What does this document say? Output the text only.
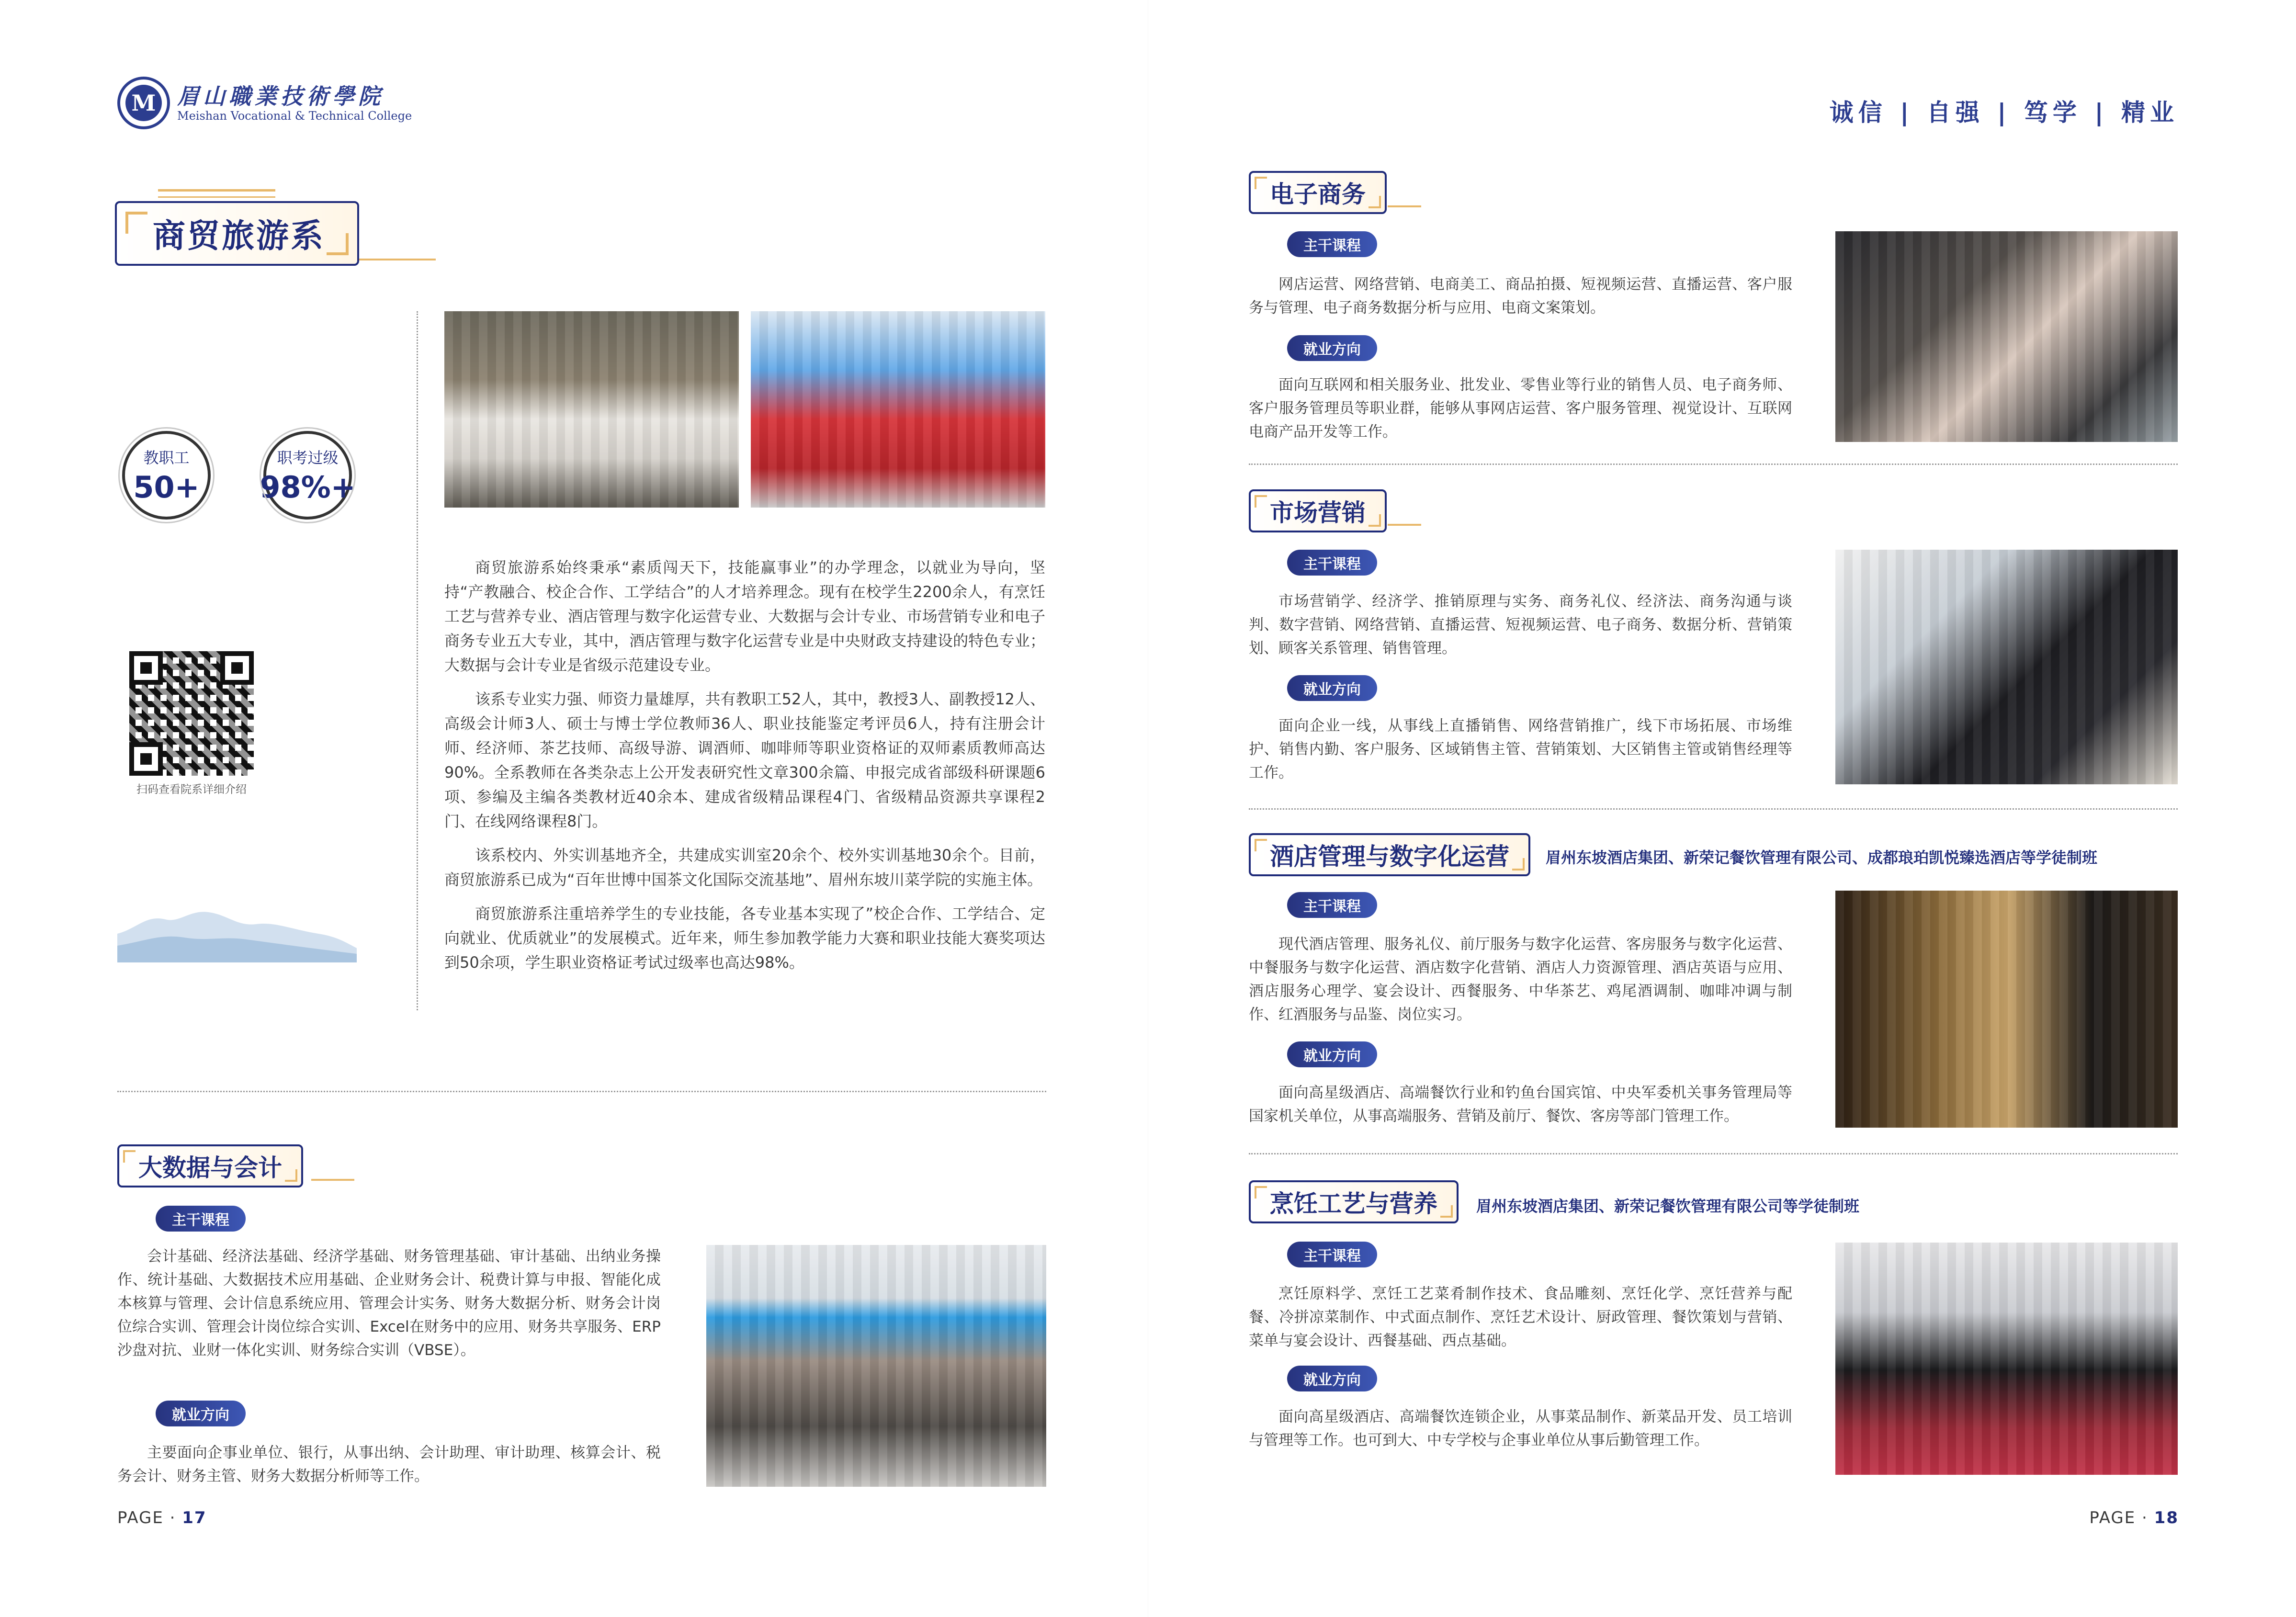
M 眉山職業技術學院
Meishan Vocational & Technical College
商贸旅游系
教职工
50+
职考过级
98%+
扫码查看院系详细介绍

商贸旅游系始终秉承“素质闯天下，技能赢事业”的办学理念，以就业为导向，坚持“产教融合、校企合作、工学结合”的人才培养理念。现有在校学生2200余人，有烹饪工艺与营养专业、酒店管理与数字化运营专业、大数据与会计专业、市场营销专业和电子商务专业五大专业，其中，酒店管理与数字化运营专业是中央财政支持建设的特色专业；大数据与会计专业是省级示范建设专业。

该系专业实力强、师资力量雄厚，共有教职工52人，其中，教授3人、副教授12人、高级会计师3人、硕士与博士学位教师36人、职业技能鉴定考评员6人，持有注册会计师、经济师、茶艺技师、高级导游、调酒师、咖啡师等职业资格证的双师素质教师高达90%。全系教师在各类杂志上公开发表研究性文章300余篇、申报完成省部级科研课题6项、参编及主编各类教材近40余本、建成省级精品课程4门、省级精品资源共享课程2门、在线网络课程8门。

该系校内、外实训基地齐全，共建成实训室20余个、校外实训基地30余个。目前，商贸旅游系已成为“百年世博中国茶文化国际交流基地”、眉州东坡川菜学院的实施主体。

商贸旅游系注重培养学生的专业技能，各专业基本实现了”校企合作、工学结合、定向就业、优质就业”的发展模式。近年来，师生参加教学能力大赛和职业技能大赛奖项达到50余项，学生职业资格证考试过级率也高达98%。

大数据与会计
主干课程
会计基础、经济法基础、经济学基础、财务管理基础、审计基础、出纳业务操作、统计基础、大数据技术应用基础、企业财务会计、税费计算与申报、智能化成本核算与管理、会计信息系统应用、管理会计实务、财务大数据分析、财务会计岗位综合实训、管理会计岗位综合实训、Excel在财务中的应用、财务共享服务、ERP沙盘对抗、业财一体化实训、财务综合实训（VBSE）。
就业方向
主要面向企事业单位、银行，从事出纳、会计助理、审计助理、核算会计、税务会计、财务主管、财务大数据分析师等工作。
PAGE · 17
诚信 | 自强 | 笃学 | 精业
电子商务
主干课程
网店运营、网络营销、电商美工、商品拍摄、短视频运营、直播运营、客户服务与管理、电子商务数据分析与应用、电商文案策划。
就业方向
面向互联网和相关服务业、批发业、零售业等行业的销售人员、电子商务师、客户服务管理员等职业群，能够从事网店运营、客户服务管理、视觉设计、互联网电商产品开发等工作。
市场营销
主干课程
市场营销学、经济学、推销原理与实务、商务礼仪、经济法、商务沟通与谈判、数字营销、网络营销、直播运营、短视频运营、电子商务、数据分析、营销策划、顾客关系管理、销售管理。
就业方向
面向企业一线，从事线上直播销售、网络营销推广，线下市场拓展、市场维护、销售内勤、客户服务、区域销售主管、营销策划、大区销售主管或销售经理等工作。
酒店管理与数字化运营 眉州东坡酒店集团、新荣记餐饮管理有限公司、成都琅珀凯悦臻选酒店等学徒制班
主干课程
现代酒店管理、服务礼仪、前厅服务与数字化运营、客房服务与数字化运营、中餐服务与数字化运营、酒店数字化营销、酒店人力资源管理、酒店英语与应用、酒店服务心理学、宴会设计、西餐服务、中华茶艺、鸡尾酒调制、咖啡冲调与制作、红酒服务与品鉴、岗位实习。
就业方向
面向高星级酒店、高端餐饮行业和钓鱼台国宾馆、中央军委机关事务管理局等国家机关单位，从事高端服务、营销及前厅、餐饮、客房等部门管理工作。
烹饪工艺与营养	眉州东坡酒店集团、新荣记餐饮管理有限公司等学徒制班
主干课程
烹饪原料学、烹饪工艺菜肴制作技术、食品雕刻、烹饪化学、烹饪营养与配餐、冷拼凉菜制作、中式面点制作、烹饪艺术设计、厨政管理、餐饮策划与营销、菜单与宴会设计、西餐基础、西点基础。
就业方向
面向高星级酒店、高端餐饮连锁企业，从事菜品制作、新菜品开发、员工培训与管理等工作。也可到大、中专学校与企事业单位从事后勤管理工作。
PAGE · 18
